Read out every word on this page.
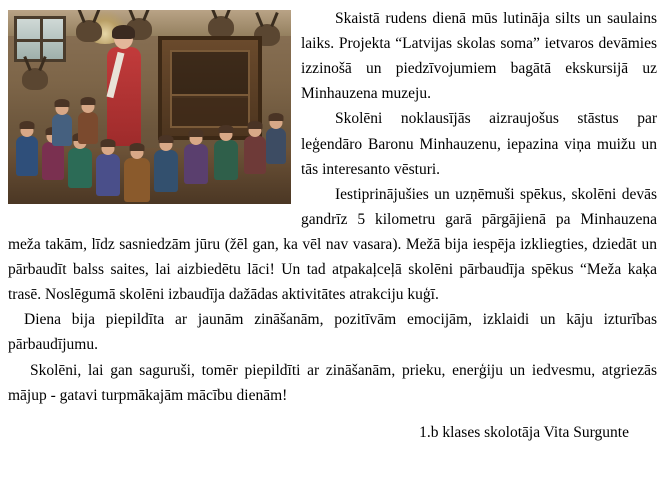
Skaistā rudens dienā mūs lutināja silts un saulains laiks. Projekta “Latvijas skolas soma” ietvaros devāmies izzinošā un piedzīvojumiem bagātā ekskursijā uz Minhauzena muzeju.

Skolēni noklausījās aizraujošus stāstus par leģendāro Baronu Minhauzenu, iepazina viņa muižu un tās interesanto vēsturi.

Iestiprinājušies un uzņēmuši spēkus, skolēni devās gandrīz 5 kilometru garā pārgājienā pa Minhauzena meža takām, līdz sasniedzām jūru (žēl gan, ka vēl nav vasara). Mežā bija iespēja izkliegties, dziedāt un pārbaudīt balss saites, lai aizbiedētu lāci! Un tad atpakaļceļā skolēni pārbaudīja spēkus “Meža kaķa trasē. Noslēgumā skolēni izbaudīja dažādas aktivitātes atrakciju kuģī.

Diena bija piepildīta ar jaunām zināšanām, pozitīvām emocijām, izklaidi un kāju izturības pārbaudījumu.

Skolēni, lai gan saguruši, tomēr piepildīti ar zināšanām, prieku, enerģiju un iedvesmu, atgriezās mājup - gatavi turpmākajām mācību dienām!

1.b klases skolotāja Vita Surgunte
